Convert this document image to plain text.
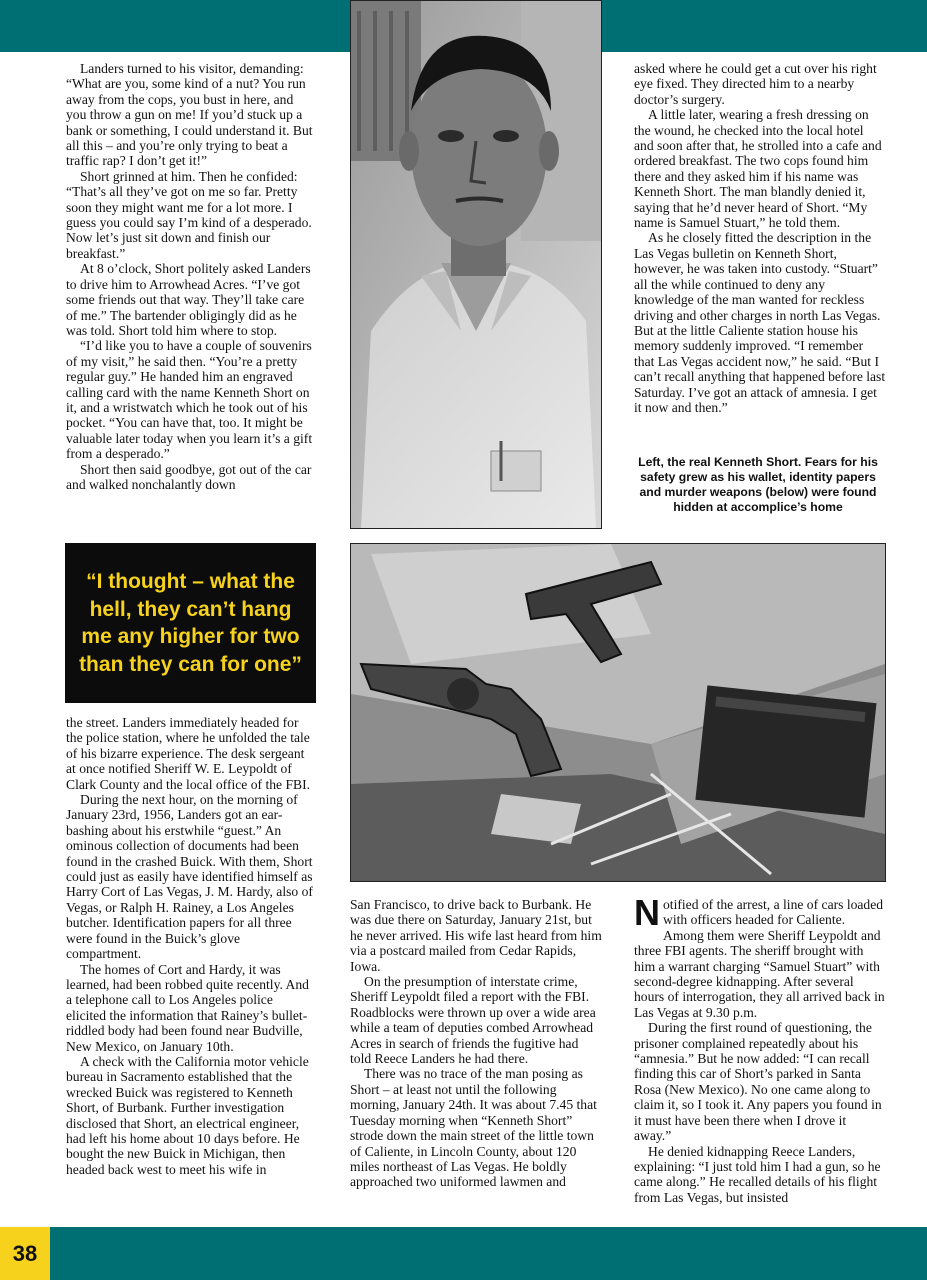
Landers turned to his visitor, demanding: “What are you, some kind of a nut? You run away from the cops, you bust in here, and you throw a gun on me! If you’d stuck up a bank or something, I could understand it. But all this – and you’re only trying to beat a traffic rap? I don’t get it!”

Short grinned at him. Then he confided: “That’s all they’ve got on me so far. Pretty soon they might want me for a lot more. I guess you could say I’m kind of a desperado. Now let’s just sit down and finish our breakfast.”

At 8 o’clock, Short politely asked Landers to drive him to Arrowhead Acres. “I’ve got some friends out that way. They’ll take care of me.” The bartender obligingly did as he was told. Short told him where to stop.

“I’d like you to have a couple of souvenirs of my visit,” he said then. “You’re a pretty regular guy.” He handed him an engraved calling card with the name Kenneth Short on it, and a wristwatch which he took out of his pocket. “You can have that, too. It might be valuable later today when you learn it’s a gift from a desperado.”

Short then said goodbye, got out of the car and walked nonchalantly down

“I thought – what the hell, they can’t hang me any higher for two than they can for one”

the street. Landers immediately headed for the police station, where he unfolded the tale of his bizarre experience. The desk sergeant at once notified Sheriff W. E. Leypoldt of Clark County and the local office of the FBI.

During the next hour, on the morning of January 23rd, 1956, Landers got an ear-bashing about his erstwhile “guest.” An ominous collection of documents had been found in the crashed Buick. With them, Short could just as easily have identified himself as Harry Cort of Las Vegas, J. M. Hardy, also of Vegas, or Ralph H. Rainey, a Los Angeles butcher. Identification papers for all three were found in the Buick’s glove compartment.

The homes of Cort and Hardy, it was learned, had been robbed quite recently. And a telephone call to Los Angeles police elicited the information that Rainey’s bullet-riddled body had been found near Budville, New Mexico, on January 10th.

A check with the California motor vehicle bureau in Sacramento established that the wrecked Buick was registered to Kenneth Short, of Burbank. Further investigation disclosed that Short, an electrical engineer, had left his home about 10 days before. He bought the new Buick in Michigan, then headed back west to meet his wife in

asked where he could get a cut over his right eye fixed. They directed him to a nearby doctor’s surgery.

A little later, wearing a fresh dressing on the wound, he checked into the local hotel and soon after that, he strolled into a cafe and ordered breakfast. The two cops found him there and they asked him if his name was Kenneth Short. The man blandly denied it, saying that he’d never heard of Short. “My name is Samuel Stuart,” he told them.

As he closely fitted the description in the Las Vegas bulletin on Kenneth Short, however, he was taken into custody. “Stuart” all the while continued to deny any knowledge of the man wanted for reckless driving and other charges in north Las Vegas. But at the little Caliente station house his memory suddenly improved. “I remember that Las Vegas accident now,” he said. “But I can’t recall anything that happened before last Saturday. I’ve got an attack of amnesia. I get it now and then.”

Left, the real Kenneth Short. Fears for his safety grew as his wallet, identity papers and murder weapons (below) were found hidden at accomplice’s home

San Francisco, to drive back to Burbank. He was due there on Saturday, January 21st, but he never arrived. His wife last heard from him via a postcard mailed from Cedar Rapids, Iowa.

On the presumption of interstate crime, Sheriff Leypoldt filed a report with the FBI. Roadblocks were thrown up over a wide area while a team of deputies combed Arrowhead Acres in search of friends the fugitive had told Reece Landers he had there.

There was no trace of the man posing as Short – at least not until the following morning, January 24th. It was about 7.45 that Tuesday morning when “Kenneth Short” strode down the main street of the little town of Caliente, in Lincoln County, about 120 miles northeast of Las Vegas. He boldly approached two uniformed lawmen and

Notified of the arrest, a line of cars loaded with officers headed for Caliente. Among them were Sheriff Leypoldt and three FBI agents. The sheriff brought with him a warrant charging “Samuel Stuart” with second-degree kidnapping. After several hours of interrogation, they all arrived back in Las Vegas at 9.30 p.m.

During the first round of questioning, the prisoner complained repeatedly about his “amnesia.” But he now added: “I can recall finding this car of Short’s parked in Santa Rosa (New Mexico). No one came along to claim it, so I took it. Any papers you found in it must have been there when I drove it away.”

He denied kidnapping Reece Landers, explaining: “I just told him I had a gun, so he came along.” He recalled details of his flight from Las Vegas, but insisted

38
